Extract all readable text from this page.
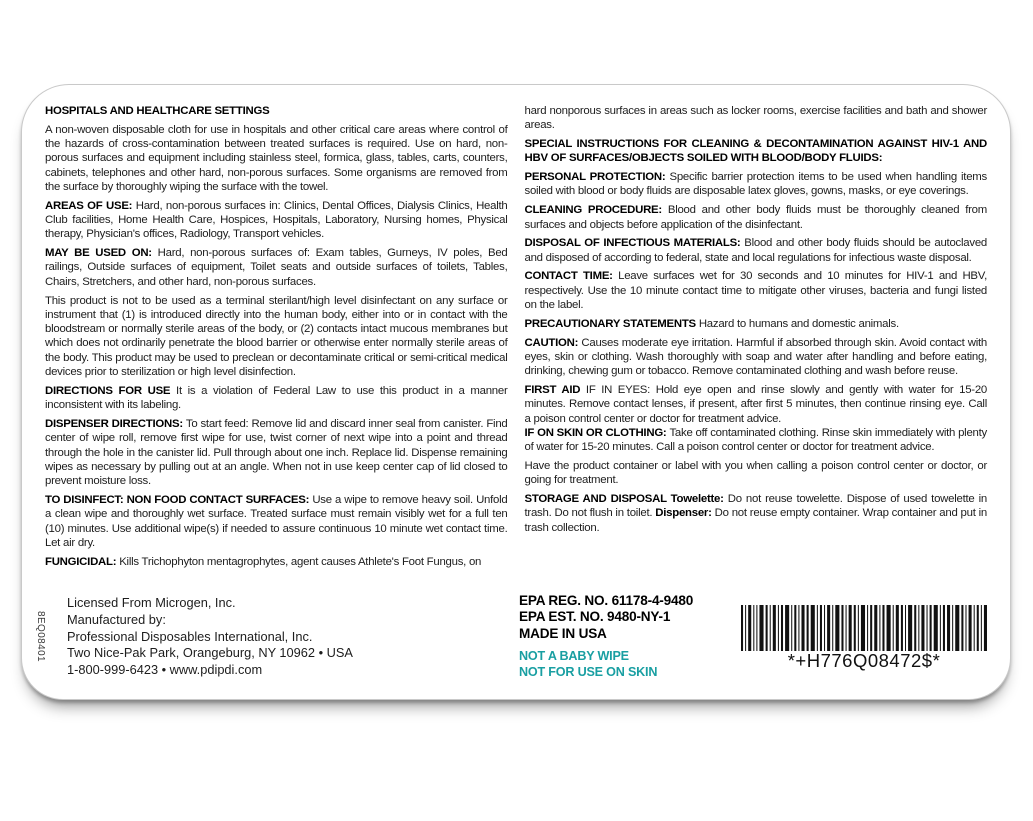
HOSPITALS AND HEALTHCARE SETTINGS

A non-woven disposable cloth for use in hospitals and other critical care areas where control of the hazards of cross-contamination between treated surfaces is required. Use on hard, non-porous surfaces and equipment including stainless steel, formica, glass, tables, carts, counters, cabinets, telephones and other hard, non-porous surfaces. Some organisms are removed from the surface by thoroughly wiping the surface with the towel.

AREAS OF USE: Hard, non-porous surfaces in: Clinics, Dental Offices, Dialysis Clinics, Health Club facilities, Home Health Care, Hospices, Hospitals, Laboratory, Nursing homes, Physical therapy, Physician's offices, Radiology, Transport vehicles.

MAY BE USED ON: Hard, non-porous surfaces of: Exam tables, Gurneys, IV poles, Bed railings, Outside surfaces of equipment, Toilet seats and outside surfaces of toilets, Tables, Chairs, Stretchers, and other hard, non-porous surfaces.

This product is not to be used as a terminal sterilant/high level disinfectant on any surface or instrument that (1) is introduced directly into the human body, either into or in contact with the bloodstream or normally sterile areas of the body, or (2) contacts intact mucous membranes but which does not ordinarily penetrate the blood barrier or otherwise enter normally sterile areas of the body. This product may be used to preclean or decontaminate critical or semi-critical medical devices prior to sterilization or high level disinfection.

DIRECTIONS FOR USE It is a violation of Federal Law to use this product in a manner inconsistent with its labeling.

DISPENSER DIRECTIONS: To start feed: Remove lid and discard inner seal from canister. Find center of wipe roll, remove first wipe for use, twist corner of next wipe into a point and thread through the hole in the canister lid. Pull through about one inch. Replace lid. Dispense remaining wipes as necessary by pulling out at an angle. When not in use keep center cap of lid closed to prevent moisture loss.

TO DISINFECT: NON FOOD CONTACT SURFACES: Use a wipe to remove heavy soil. Unfold a clean wipe and thoroughly wet surface. Treated surface must remain visibly wet for a full ten (10) minutes. Use additional wipe(s) if needed to assure continuous 10 minute wet contact time. Let air dry.

FUNGICIDAL: Kills Trichophyton mentagrophytes, agent causes Athlete's Foot Fungus, on

hard nonporous surfaces in areas such as locker rooms, exercise facilities and bath and shower areas.

SPECIAL INSTRUCTIONS FOR CLEANING & DECONTAMINATION AGAINST HIV-1 AND HBV OF SURFACES/OBJECTS SOILED WITH BLOOD/BODY FLUIDS:

PERSONAL PROTECTION: Specific barrier protection items to be used when handling items soiled with blood or body fluids are disposable latex gloves, gowns, masks, or eye coverings.

CLEANING PROCEDURE: Blood and other body fluids must be thoroughly cleaned from surfaces and objects before application of the disinfectant.

DISPOSAL OF INFECTIOUS MATERIALS: Blood and other body fluids should be autoclaved and disposed of according to federal, state and local regulations for infectious waste disposal.

CONTACT TIME: Leave surfaces wet for 30 seconds and 10 minutes for HIV-1 and HBV, respectively. Use the 10 minute contact time to mitigate other viruses, bacteria and fungi listed on the label.

PRECAUTIONARY STATEMENTS Hazard to humans and domestic animals.

CAUTION: Causes moderate eye irritation. Harmful if absorbed through skin. Avoid contact with eyes, skin or clothing. Wash thoroughly with soap and water after handling and before eating, drinking, chewing gum or tobacco. Remove contaminated clothing and wash before reuse.

FIRST AID IF IN EYES: Hold eye open and rinse slowly and gently with water for 15-20 minutes. Remove contact lenses, if present, after first 5 minutes, then continue rinsing eye. Call a poison control center or doctor for treatment advice.

IF ON SKIN OR CLOTHING: Take off contaminated clothing. Rinse skin immediately with plenty of water for 15-20 minutes. Call a poison control center or doctor for treatment advice.

Have the product container or label with you when calling a poison control center or doctor, or going for treatment.

STORAGE AND DISPOSAL Towelette: Do not reuse towelette. Dispose of used towelette in trash. Do not flush in toilet. Dispenser: Do not reuse empty container. Wrap container and put in trash collection.

8EQ08401
Licensed From Microgen, Inc.
Manufactured by:
Professional Disposables International, Inc.
Two Nice-Pak Park, Orangeburg, NY 10962 • USA
1-800-999-6423 • www.pdipdi.com
EPA REG. NO. 61178-4-9480
EPA EST. NO. 9480-NY-1
MADE IN USA
NOT A BABY WIPE
NOT FOR USE ON SKIN
*+H776Q08472$*
